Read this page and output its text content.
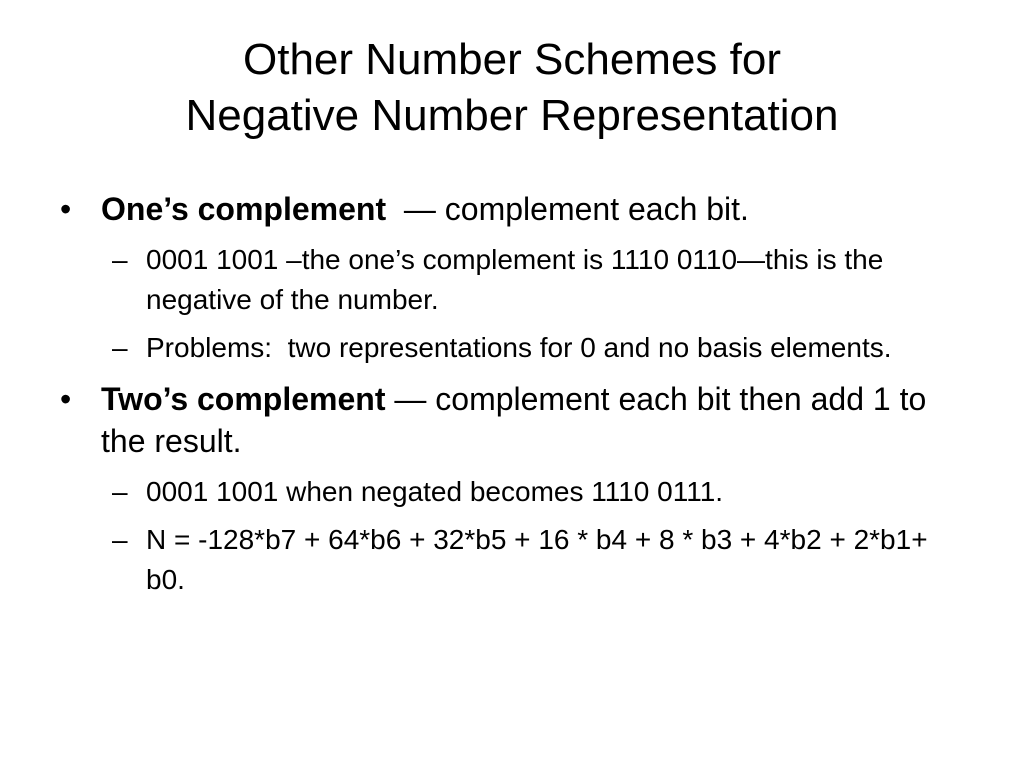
Other Number Schemes for
Negative Number Representation
• One’s complement  — complement each bit.
– 0001 1001 –the one’s complement is 1110 0110—this is the negative of the number.
– Problems:  two representations for 0 and no basis elements.
• Two’s complement — complement each bit then add 1 to the result.
– 0001 1001 when negated becomes 1110 0111.
– N = -128*b7 + 64*b6 + 32*b5 + 16 * b4 + 8 * b3 + 4*b2 + 2*b1+ b0.
